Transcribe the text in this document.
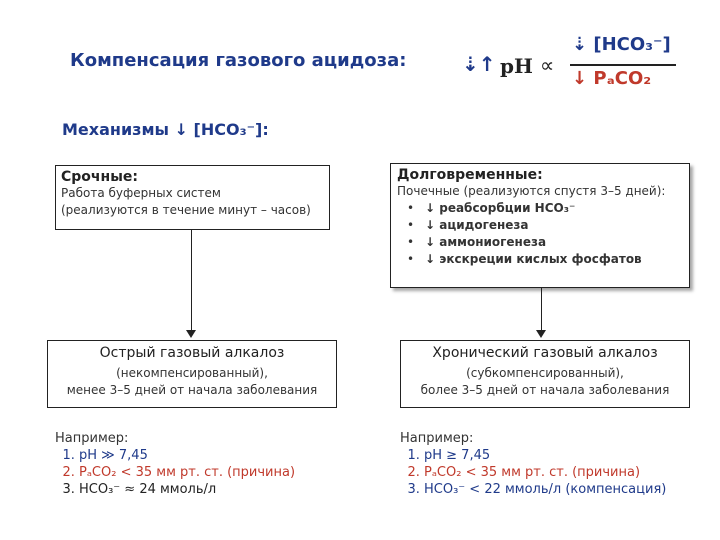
Компенсация газового ацидоза:	⇣↑ pH ∝
⇣ [HCO₃⁻]
↓ PₐCO₂
Механизмы ↓ [HCO₃⁻]:
Срочные:
Работа буферных систем
(реализуются в течение минут – часов)
Долговременные:
Почечные (реализуются спустя 3–5 дней):
• ↓ реабсорбции HCO₃⁻
• ↓ ацидогенеза
• ↓ аммониогенеза
• ↓ экскреции кислых фосфатов
Острый газовый алкалоз
(некомпенсированный),
менее 3–5 дней от начала заболевания
Хронический газовый алкалоз
(субкомпенсированный),
более 3–5 дней от начала заболевания
Например:
1. pH ≫ 7,45
2. PₐCO₂ < 35 мм рт. ст. (причина)
3. HCO₃⁻ ≈ 24 ммоль/л
Например:
1. pH ≥ 7,45
2. PₐCO₂ < 35 мм рт. ст. (причина)
3. HCO₃⁻ < 22 ммоль/л (компенсация)
